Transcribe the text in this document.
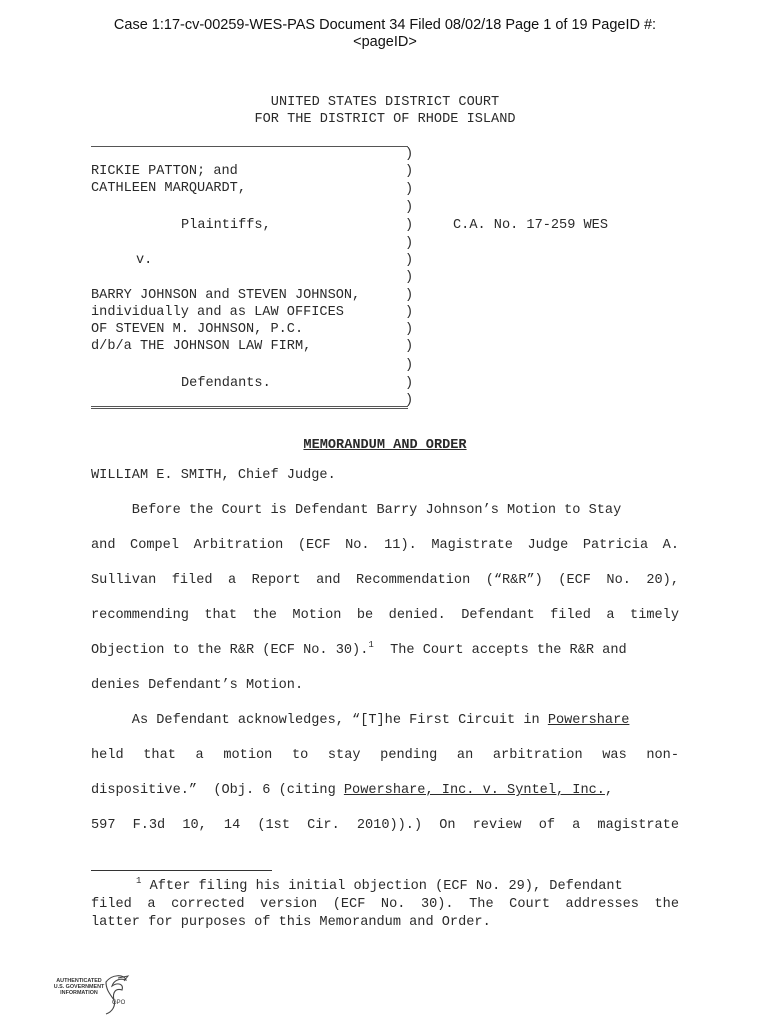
Case 1:17-cv-00259-WES-PAS Document 34 Filed 08/02/18 Page 1 of 19 PageID #:
<pageID>
UNITED STATES DISTRICT COURT
FOR THE DISTRICT OF RHODE ISLAND
RICKIE PATTON; and
CATHLEEN MARQUARDT,
Plaintiffs,
v.
BARRY JOHNSON and STEVEN JOHNSON,
individually and as LAW OFFICES
OF STEVEN M. JOHNSON, P.C.
d/b/a THE JOHNSON LAW FIRM,
Defendants.
)
)
)
)
)
)
)
)
)
)
)
)
)
)
)
C.A. No. 17-259 WES
MEMORANDUM AND ORDER
WILLIAM E. SMITH, Chief Judge.
Before the Court is Defendant Barry Johnson’s Motion to Stay
and Compel Arbitration (ECF No. 11). Magistrate Judge Patricia A.
Sullivan filed a Report and Recommendation (“R&R”) (ECF No. 20),
recommending that the Motion be denied. Defendant filed a timely
Objection to the R&R (ECF No. 30).$^1$  The Court accepts the R&R and
denies Defendant’s Motion.
As Defendant acknowledges, “[T]he First Circuit in Powershare
held that a motion to stay pending an arbitration was non-
dispositive.”  (Obj. 6 (citing Powershare, Inc. v. Syntel, Inc.,
597 F.3d 10, 14 (1st Cir. 2010)).) On review of a magistrate
$^1$ After filing his initial objection (ECF No. 29), Defendant
filed a corrected version (ECF No. 30). The Court addresses the
latter for purposes of this Memorandum and Order.
AUTHENTICATED
U.S. GOVERNMENT
INFORMATION
GPO
